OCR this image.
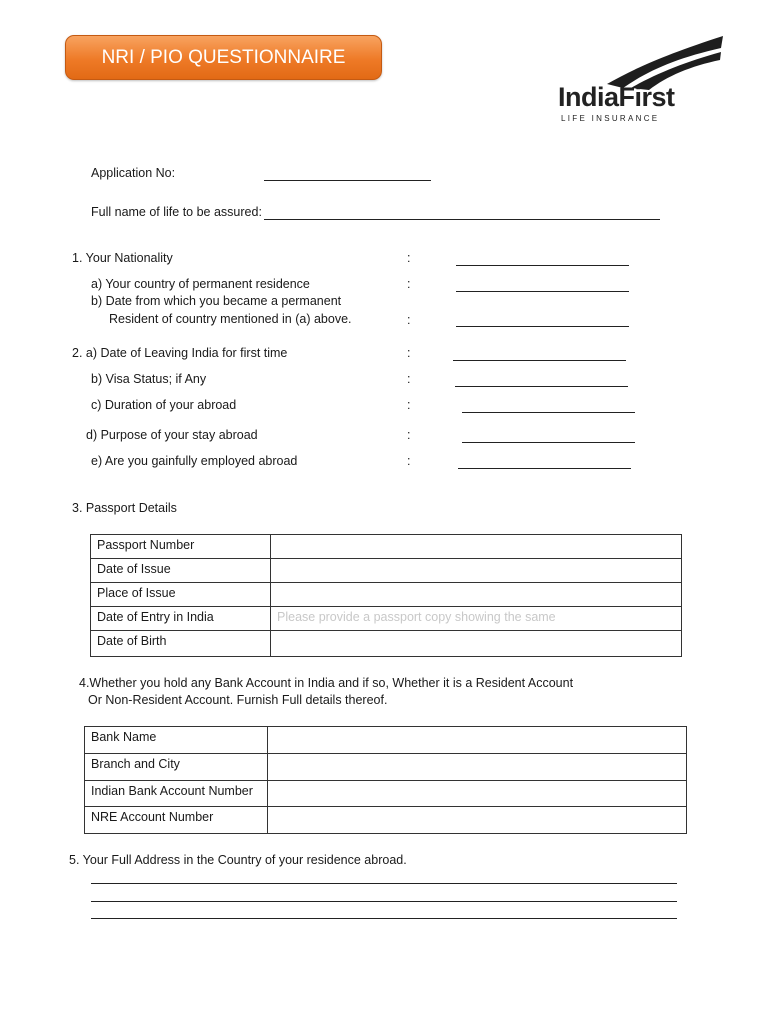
NRI / PIO QUESTIONNAIRE
IndiaFirst
LIFE INSURANCE
Application No:
Full name of life to be assured:
1. Your Nationality	:
a) Your country of permanent residence	:
b) Date from which you became a permanent
Resident of country mentioned in (a) above.	:
2. a) Date of Leaving India for first time	:
b) Visa Status; if Any	:
c) Duration of your abroad	:
d) Purpose of your stay abroad	:
e) Are you gainfully employed abroad	:
3. Passport Details
Passport Number	
Date of Issue	
Place of Issue	
Date of Entry in India	Please provide a passport copy showing the same
Date of Birth	
4.Whether you hold any Bank Account in India and if so, Whether it is a Resident Account
Or Non-Resident Account. Furnish Full details thereof.
Bank Name	
Branch and City	
Indian Bank Account Number	
NRE Account Number	
5. Your Full Address in the Country of your residence abroad.
